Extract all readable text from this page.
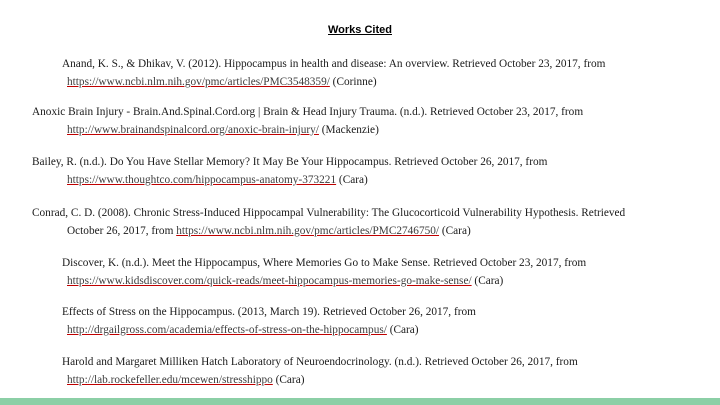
Works Cited
Anand, K. S., & Dhikav, V. (2012). Hippocampus in health and disease: An overview. Retrieved October 23, 2017, from
https://www.ncbi.nlm.nih.gov/pmc/articles/PMC3548359/ (Corinne)
Anoxic Brain Injury - Brain.And.Spinal.Cord.org | Brain & Head Injury Trauma. (n.d.). Retrieved October 23, 2017, from
http://www.brainandspinalcord.org/anoxic-brain-injury/ (Mackenzie)
Bailey, R. (n.d.). Do You Have Stellar Memory? It May Be Your Hippocampus. Retrieved October 26, 2017, from
https://www.thoughtco.com/hippocampus-anatomy-373221 (Cara)
Conrad, C. D. (2008). Chronic Stress-Induced Hippocampal Vulnerability: The Glucocorticoid Vulnerability Hypothesis. Retrieved
October 26, 2017, from https://www.ncbi.nlm.nih.gov/pmc/articles/PMC2746750/ (Cara)
Discover, K. (n.d.). Meet the Hippocampus, Where Memories Go to Make Sense. Retrieved October 23, 2017, from
https://www.kidsdiscover.com/quick-reads/meet-hippocampus-memories-go-make-sense/ (Cara)
Effects of Stress on the Hippocampus. (2013, March 19). Retrieved October 26, 2017, from
http://drgailgross.com/academia/effects-of-stress-on-the-hippocampus/ (Cara)
Harold and Margaret Milliken Hatch Laboratory of Neuroendocrinology. (n.d.). Retrieved October 26, 2017, from
http://lab.rockefeller.edu/mcewen/stresshippo (Cara)
